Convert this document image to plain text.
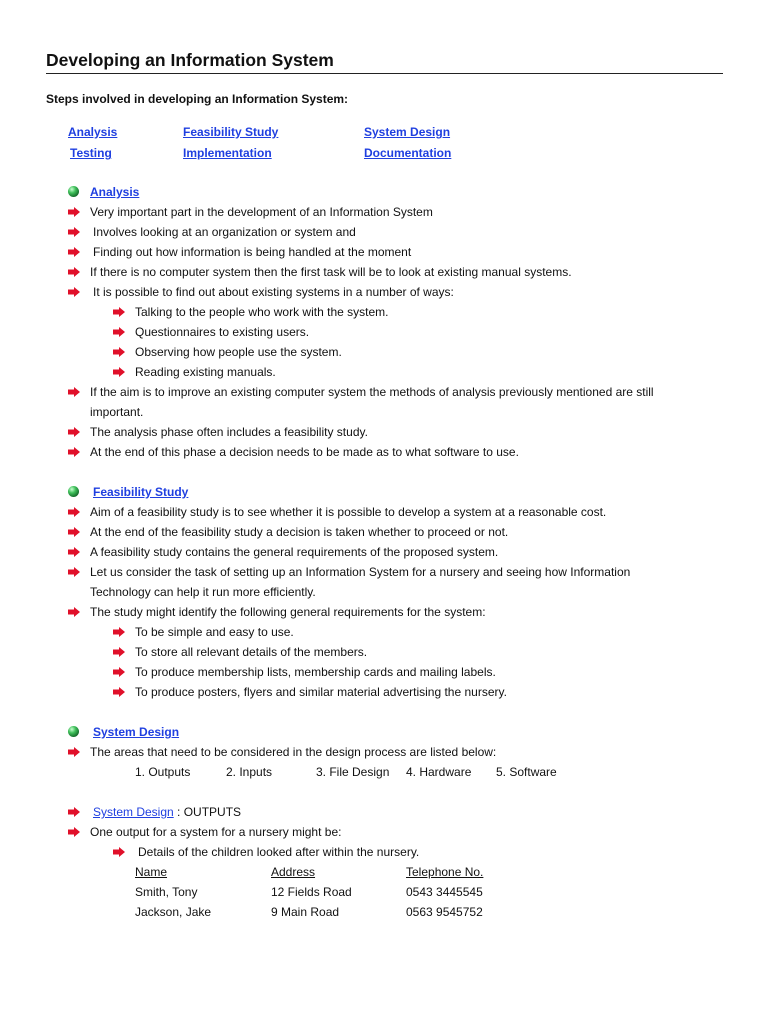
Developing an Information System
Steps involved in developing an Information System:
Analysis	Feasibility Study	System Design
Testing	Implementation	Documentation
Analysis
Very important part in the development of an Information System
Involves looking at an organization or system and
Finding out how information is being handled at the moment
If there is no computer system then the first task will be to look at existing manual systems.
It is possible to find out about existing systems in a number of ways:
Talking to the people who work with the system.
Questionnaires to existing users.
Observing how people use the system.
Reading existing manuals.
If the aim is to improve an existing computer system the methods of analysis previously mentioned are still
important.
The analysis phase often includes a feasibility study.
At the end of this phase a decision needs to be made as to what software to use.
Feasibility Study
Aim of a feasibility study is to see whether it is possible to develop a system at a reasonable cost.
At the end of the feasibility study a decision is taken whether to proceed or not.
A feasibility study contains the general requirements of the proposed system.
Let us consider the task of setting up an Information System for a nursery and seeing how Information
Technology can help it run more efficiently.
The study might identify the following general requirements for the system:
To be simple and easy to use.
To store all relevant details of the members.
To produce membership lists, membership cards and mailing labels.
To produce posters, flyers and similar material advertising the nursery.
System Design
The areas that need to be considered in the design process are listed below:
1. Outputs	2. Inputs	3. File Design 4. Hardware 5. Software
System Design : OUTPUTS
One output for a system for a nursery might be:
Details of the children looked after within the nursery.
Name	Address	Telephone No.
Smith, Tony	12 Fields Road	0543 3445545
Jackson, Jake	9 Main Road	0563 9545752
